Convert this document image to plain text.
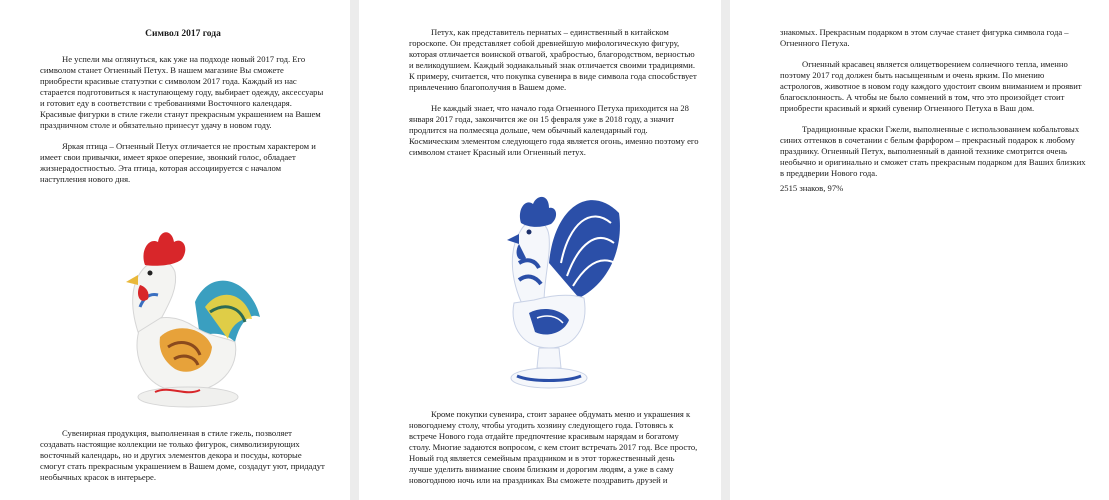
Символ 2017 года

Не успели мы оглянуться, как уже на подходе новый 2017 год. Его символом станет Огненный Петух. В нашем магазине Вы сможете приобрести красивые статуэтки с символом 2017 года. Каждый из нас старается подготовиться к наступающему году, выбирает одежду, аксессуары и готовит еду в соответствии с требованиями Восточного календаря. Красивые фигурки в стиле гжели станут прекрасным украшением на Вашем праздничном столе и обязательно принесут удачу в новом году.

Яркая птица – Огненный Петух отличается не простым характером и имеет свои привычки, имеет яркое оперение, звонкий голос, обладает жизнерадостностью. Эта птица, которая ассоциируется с началом наступления нового дня.

Сувенирная продукция, выполненная в стиле гжель, позволяет создавать настоящие коллекции не только фигурок, символизирующих восточный календарь, но и других элементов декора и посуды, которые смогут стать прекрасным украшением в Вашем доме, создадут уют, придадут необычных красок в интерьере.

Петух, как представитель пернатых – единственный в китайском гороскопе. Он представляет собой древнейшую мифологическую фигуру, которая отличается воинской отвагой, храбростью, благородством, верностью и великодушием. Каждый зодиакальный знак отличается своими традициями. К примеру, считается, что покупка сувенира в виде символа года способствует привлечению благополучия в Вашем доме.

Не каждый знает, что начало года Огненного Петуха приходится на 28 января 2017 года, закончится же он 15 февраля уже в 2018 году, а значит продлится на полмесяца дольше, чем обычный календарный год. Космическим элементом следующего года является огонь, именно поэтому его символом станет Красный или Огненный петух.

Кроме покупки сувенира, стоит заранее обдумать меню и украшения к новогоднему столу, чтобы угодить хозяину следующего года. Готовясь к встрече Нового года отдайте предпочтение красивым нарядам и богатому столу. Многие задаются вопросом, с кем стоит встречать 2017 год. Все просто, Новый год является семейным праздником и в этот торжественный день лучше уделить внимание своим близким и дорогим людям, а уже в саму новогоднюю ночь или на праздниках Вы сможете поздравить друзей и

знакомых. Прекрасным подарком в этом случае станет фигурка символа года – Огненного Петуха.

Огненный красавец является олицетворением солнечного тепла, именно поэтому 2017 год должен быть насыщенным и очень ярким. По мнению астрологов, животное в новом году каждого удостоит своим вниманием и проявит благосклонность. А чтобы не было сомнений в том, что это произойдет стоит приобрести красивый и яркий сувенир Огненного Петуха в Ваш дом.

Традиционные краски Гжели, выполненные с использованием кобальтовых синих оттенков в сочетании с белым фарфором – прекрасный подарок к любому празднику. Огненный Петух, выполненный в данной технике смотрится очень необычно и оригинально и сможет стать прекрасным подарком для Ваших близких в преддверии Нового года.

2515 знаков, 97%
